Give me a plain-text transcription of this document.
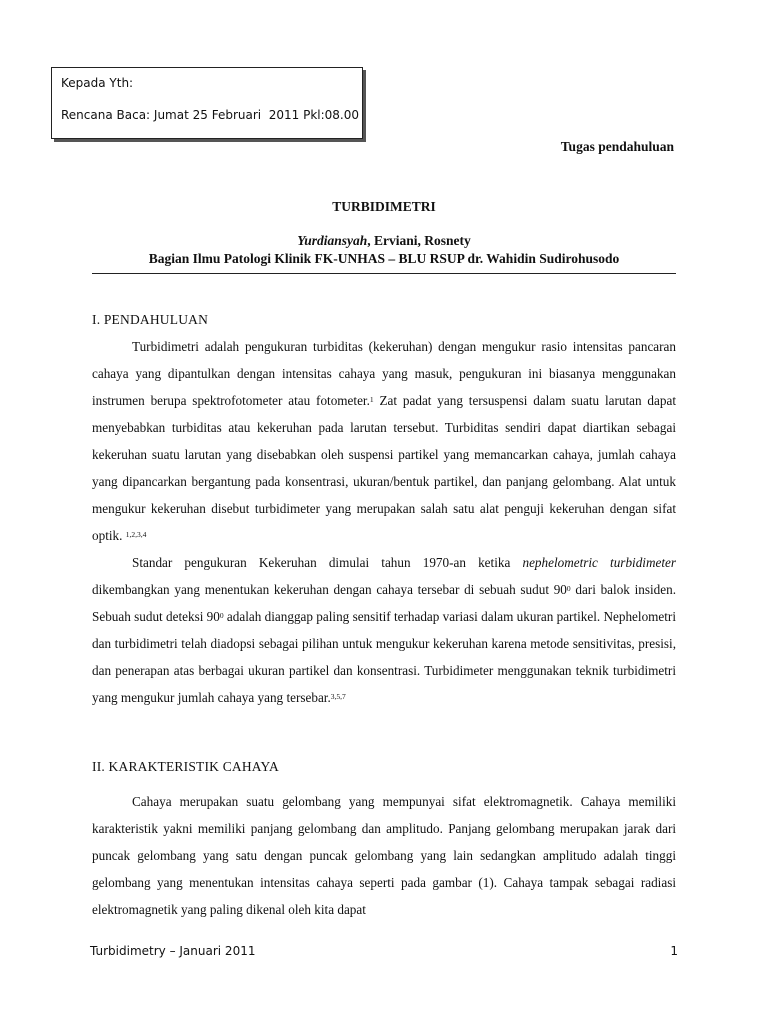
Kepada Yth:
Rencana Baca: Jumat 25 Februari  2011 Pkl:08.00
Tugas pendahuluan
TURBIDIMETRI
Yurdiansyah, Erviani, Rosnety
Bagian Ilmu Patologi Klinik FK-UNHAS – BLU RSUP dr. Wahidin Sudirohusodo
I. PENDAHULUAN
Turbidimetri adalah pengukuran turbiditas (kekeruhan) dengan mengukur rasio intensitas pancaran cahaya yang dipantulkan dengan intensitas cahaya yang masuk, pengukuran ini biasanya menggunakan instrumen berupa spektrofotometer atau fotometer.$^1$ Zat padat yang tersuspensi dalam suatu larutan dapat menyebabkan turbiditas atau kekeruhan pada larutan tersebut. Turbiditas sendiri dapat diartikan sebagai kekeruhan suatu larutan yang disebabkan oleh suspensi partikel yang memancarkan cahaya, jumlah cahaya yang dipancarkan bergantung pada konsentrasi, ukuran/bentuk partikel, dan panjang gelombang. Alat untuk mengukur kekeruhan disebut turbidimeter yang merupakan salah satu alat penguji kekeruhan dengan sifat optik. $^{1,2,3,4}$
Standar pengukuran Kekeruhan dimulai tahun 1970-an ketika nephelometric turbidimeter dikembangkan yang menentukan kekeruhan dengan cahaya tersebar di sebuah sudut $90^0$ dari balok insiden. Sebuah sudut deteksi $90^0$ adalah dianggap paling sensitif terhadap variasi dalam ukuran partikel. Nephelometri dan turbidimetri telah diadopsi sebagai pilihan untuk mengukur kekeruhan karena metode sensitivitas, presisi, dan penerapan atas berbagai ukuran partikel dan konsentrasi. Turbidimeter menggunakan teknik turbidimetri yang mengukur jumlah cahaya yang tersebar.$^{3,5,7}$
II. KARAKTERISTIK CAHAYA
Cahaya merupakan suatu gelombang yang mempunyai sifat elektromagnetik. Cahaya memiliki karakteristik yakni memiliki panjang gelombang dan amplitudo. Panjang gelombang merupakan jarak dari puncak gelombang yang satu dengan puncak gelombang yang lain sedangkan amplitudo adalah tinggi gelombang yang menentukan intensitas cahaya seperti pada gambar (1). Cahaya tampak sebagai radiasi elektromagnetik yang paling dikenal oleh kita dapat
Turbidimetry – Januari 2011	1
